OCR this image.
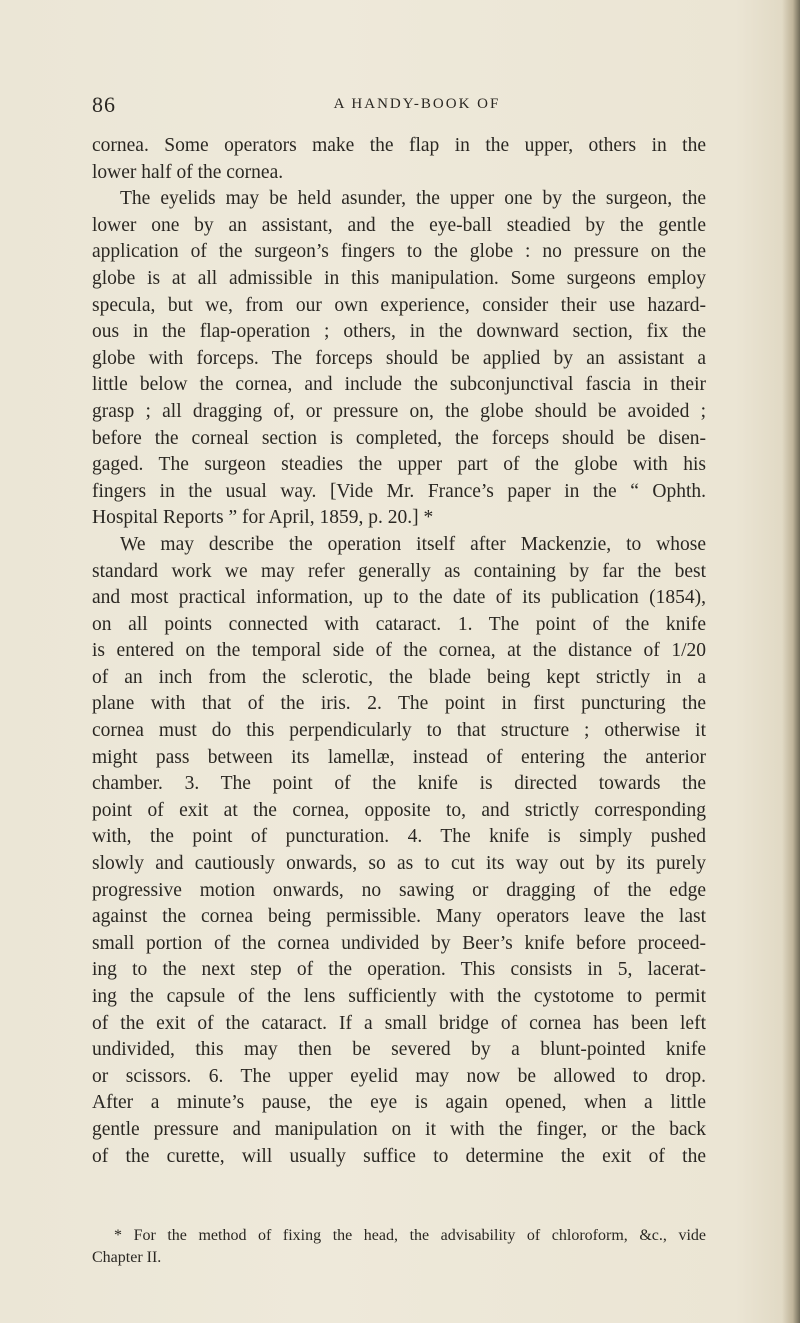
86	A HANDY-BOOK OF
cornea. Some operators make the flap in the upper, others in the
lower half of the cornea.
The eyelids may be held asunder, the upper one by the surgeon, the
lower one by an assistant, and the eye-ball steadied by the gentle
application of the surgeon’s fingers to the globe : no pressure on the
globe is at all admissible in this manipulation. Some surgeons employ
specula, but we, from our own experience, consider their use hazard-
ous in the flap-operation ; others, in the downward section, fix the
globe with forceps. The forceps should be applied by an assistant a
little below the cornea, and include the subconjunctival fascia in their
grasp ; all dragging of, or pressure on, the globe should be avoided ;
before the corneal section is completed, the forceps should be disen-
gaged. The surgeon steadies the upper part of the globe with his
fingers in the usual way. [Vide Mr. France’s paper in the “ Ophth.
Hospital Reports ” for April, 1859, p. 20.] *
We may describe the operation itself after Mackenzie, to whose
standard work we may refer generally as containing by far the best
and most practical information, up to the date of its publication (1854),
on all points connected with cataract. 1. The point of the knife
is entered on the temporal side of the cornea, at the distance of 1/20
of an inch from the sclerotic, the blade being kept strictly in a
plane with that of the iris. 2. The point in first puncturing the
cornea must do this perpendicularly to that structure ; otherwise it
might pass between its lamellæ, instead of entering the anterior
chamber. 3. The point of the knife is directed towards the
point of exit at the cornea, opposite to, and strictly corresponding
with, the point of puncturation. 4. The knife is simply pushed
slowly and cautiously onwards, so as to cut its way out by its purely
progressive motion onwards, no sawing or dragging of the edge
against the cornea being permissible. Many operators leave the last
small portion of the cornea undivided by Beer’s knife before proceed-
ing to the next step of the operation. This consists in 5, lacerat-
ing the capsule of the lens sufficiently with the cystotome to permit
of the exit of the cataract. If a small bridge of cornea has been left
undivided, this may then be severed by a blunt-pointed knife
or scissors. 6. The upper eyelid may now be allowed to drop.
After a minute’s pause, the eye is again opened, when a little
gentle pressure and manipulation on it with the finger, or the back
of the curette, will usually suffice to determine the exit of the
* For the method of fixing the head, the advisability of chloroform, &c., vide
Chapter II.
